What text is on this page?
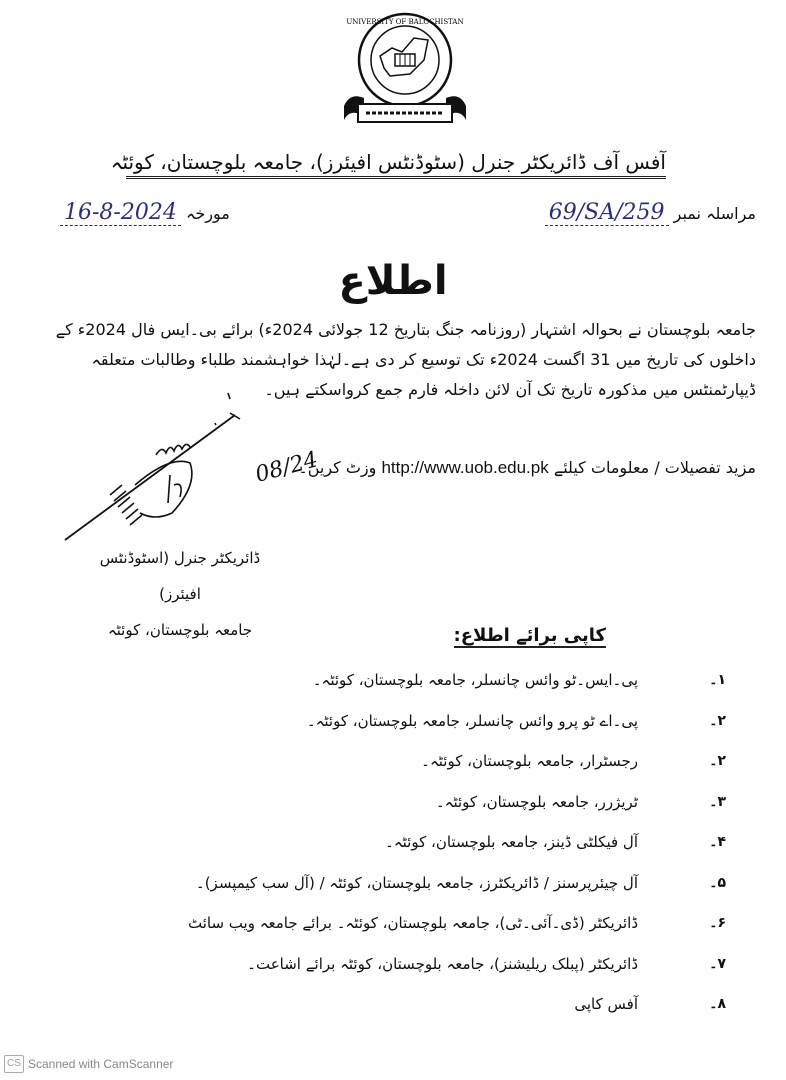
UNIVERSITY OF BALOCHISTAN
آفس آف ڈائریکٹر جنرل (سٹوڈنٹس افیئرز)، جامعہ بلوچستان، کوئٹہ
مراسلہ نمبر 69/SA/259
16-8-2024 مورخہ
اطلاع

جامعہ بلوچستان نے بحوالہ اشتہار (روزنامہ جنگ بتاریخ 12 جولائی 2024ء) برائے بی۔ایس فال 2024ء کے داخلوں کی تاریخ میں 31 اگست 2024ء تک توسیع کر دی ہے۔لہٰذا خواہشمند طلباء وطالبات متعلقہ ڈیپارٹمنٹس میں مذکورہ تاریخ تک آن لائن داخلہ فارم جمع کرواسکتے ہیں۔

مزید تفصیلات / معلومات کیلئے http://www.uob.edu.pk وزٹ کریں۔
08/24
ڈائریکٹر جنرل (اسٹوڈنٹس افیئرز)
جامعہ بلوچستان، کوئٹہ	کاپی برائے اطلاع:
۱۔
پی۔ایس۔ٹو وائس چانسلر، جامعہ بلوچستان، کوئٹہ۔
۲۔
پی۔اے ٹو پرو وائس چانسلر، جامعہ بلوچستان، کوئٹہ۔
۲۔
رجسٹرار، جامعہ بلوچستان، کوئٹہ۔
۳۔
ٹریژرر، جامعہ بلوچستان، کوئٹہ۔
۴۔
آل فیکلٹی ڈینز، جامعہ بلوچستان، کوئٹہ۔
۵۔
آل چیئرپرسنز / ڈائریکٹرز، جامعہ بلوچستان، کوئٹہ / (آل سب کیمپسز)۔
۶۔
ڈائریکٹر (ڈی۔آئی۔ٹی)، جامعہ بلوچستان، کوئٹہ۔ برائے جامعہ ویب سائٹ
۷۔
ڈائریکٹر (پبلک ریلیشنز)، جامعہ بلوچستان، کوئٹہ برائے اشاعت۔
۸۔
آفس کاپی
CS Scanned with CamScanner
